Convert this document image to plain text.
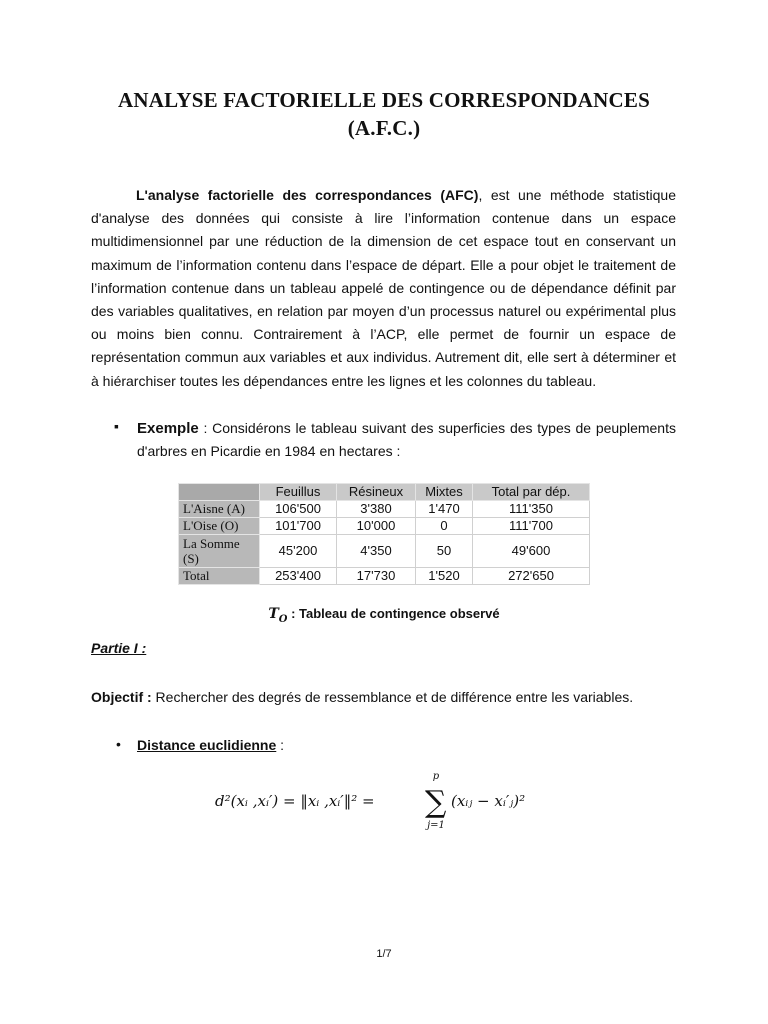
ANALYSE FACTORIELLE DES CORRESPONDANCES
(A.F.C.)
L'analyse factorielle des correspondances (AFC), est une méthode statistique d'analyse des données qui consiste à lire l’information contenue dans un espace multidimensionnel par une réduction de la dimension de cet espace tout en conservant un maximum de l’information contenu dans l’espace de départ. Elle a pour objet le traitement de l’information contenue dans un tableau appelé de contingence ou de dépendance définit par des variables qualitatives, en relation par moyen d’un processus naturel ou expérimental plus ou moins bien connu. Contrairement à l’ACP, elle permet de fournir un espace de représentation commun aux variables et aux individus. Autrement dit, elle sert à déterminer et à hiérarchiser toutes les dépendances entre les lignes et les colonnes du tableau.
▪ Exemple : Considérons le tableau suivant des superficies des types de peuplements d'arbres en Picardie en 1984 en hectares :
	Feuillus	Résineux	Mixtes	Total par dép.
L'Aisne (A)	106'500	3'380	1'470	111'350
L'Oise (O)	101'700	10'000	0	111'700
La Somme (S)	45'200	4'350	50	49'600
Total	253'400	17'730	1'520	272'650
$T_O$ : Tableau de contingence observé
Partie I :
Objectif : Rechercher des degrés de ressemblance et de différence entre les variables.
• Distance euclidienne :
d²(xᵢ ,xᵢ′) = ‖xᵢ ,xᵢ′‖² =
p
∑
j=1
(xᵢⱼ − xᵢ′ⱼ)²
1/7
